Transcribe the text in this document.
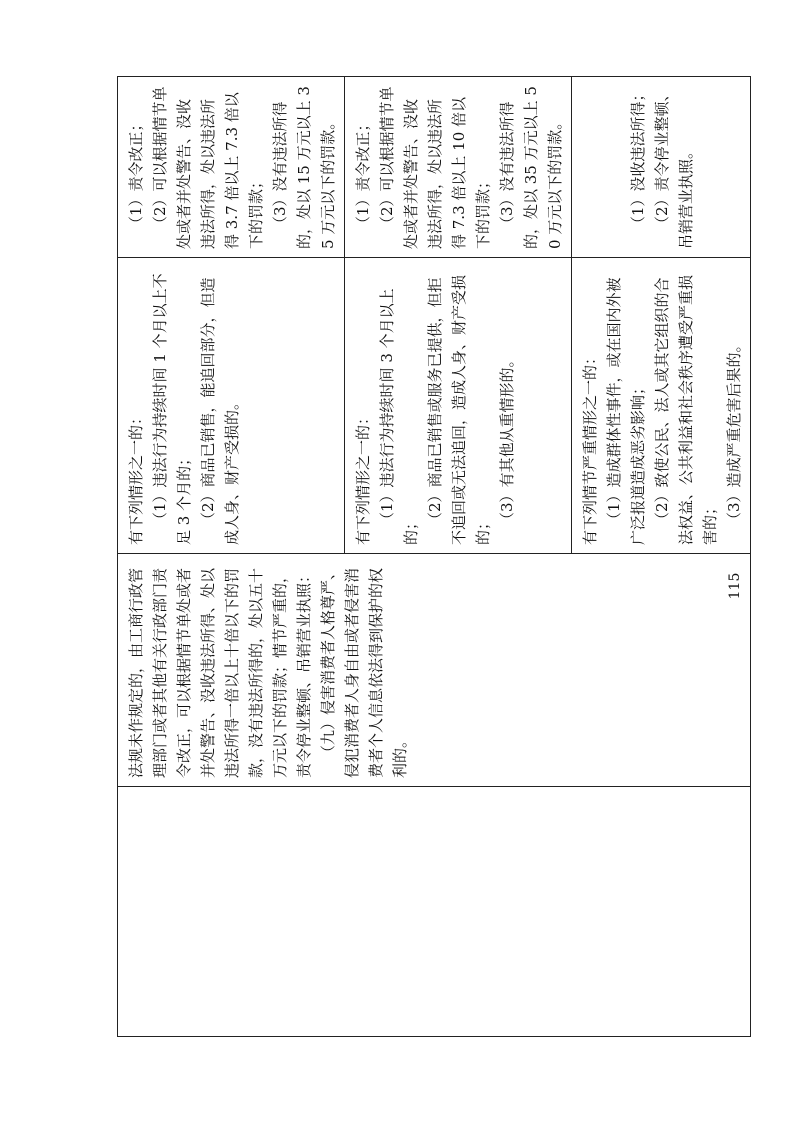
	法规未作规定的，由工商行政管理部门或者其他有关行政部门责令改正，可以根据情节单处或者并处警告、没收违法所得、处以违法所得一倍以上十倍以下的罚款，没有违法所得的，处以五十万元以下的罚款；情节严重的，责令停业整顿、吊销营业执照： （九）侵害消费者人格尊严、侵犯消费者人身自由或者侵害消费者个人信息依法得到保护的权利的。	有下列情形之一的： （1）违法行为持续时间 1 个月以上不足 3 个月的； （2）商品已销售，能追回部分，但造成人身、财产受损的。	（1）责令改正； （2）可以根据情节单处或者并处警告、没收违法所得，处以违法所得 3.7 倍以上 7.3 倍以下的罚款； （3）没有违法所得的，处以 15 万元以上 35 万元以下的罚款。

		有下列情形之一的： （1）违法行为持续时间 3 个月以上的；
（2）商品已销售或服务已提供，但拒不追回或无法追回，造成人身、财产受损的；
（3）有其他从重情形的。	（1）责令改正； （2）可以根据情节单处或者并处警告、没收违法所得，处以违法所得 7.3 倍以上 10 倍以下的罚款； （3）没有违法所得的，处以 35 万元以上 50 万元以下的罚款。

		有下列情节严重情形之一的： （1）造成群体性事件，或在国内外被广泛报道造成恶劣影响； （2）致使公民、法人或其它组织的合法权益、公共利益和社会秩序遭受严重损害的； （3）造成严重危害后果的。	（1）没收违法所得； （2）责令停业整顿、吊销营业执照。
115
